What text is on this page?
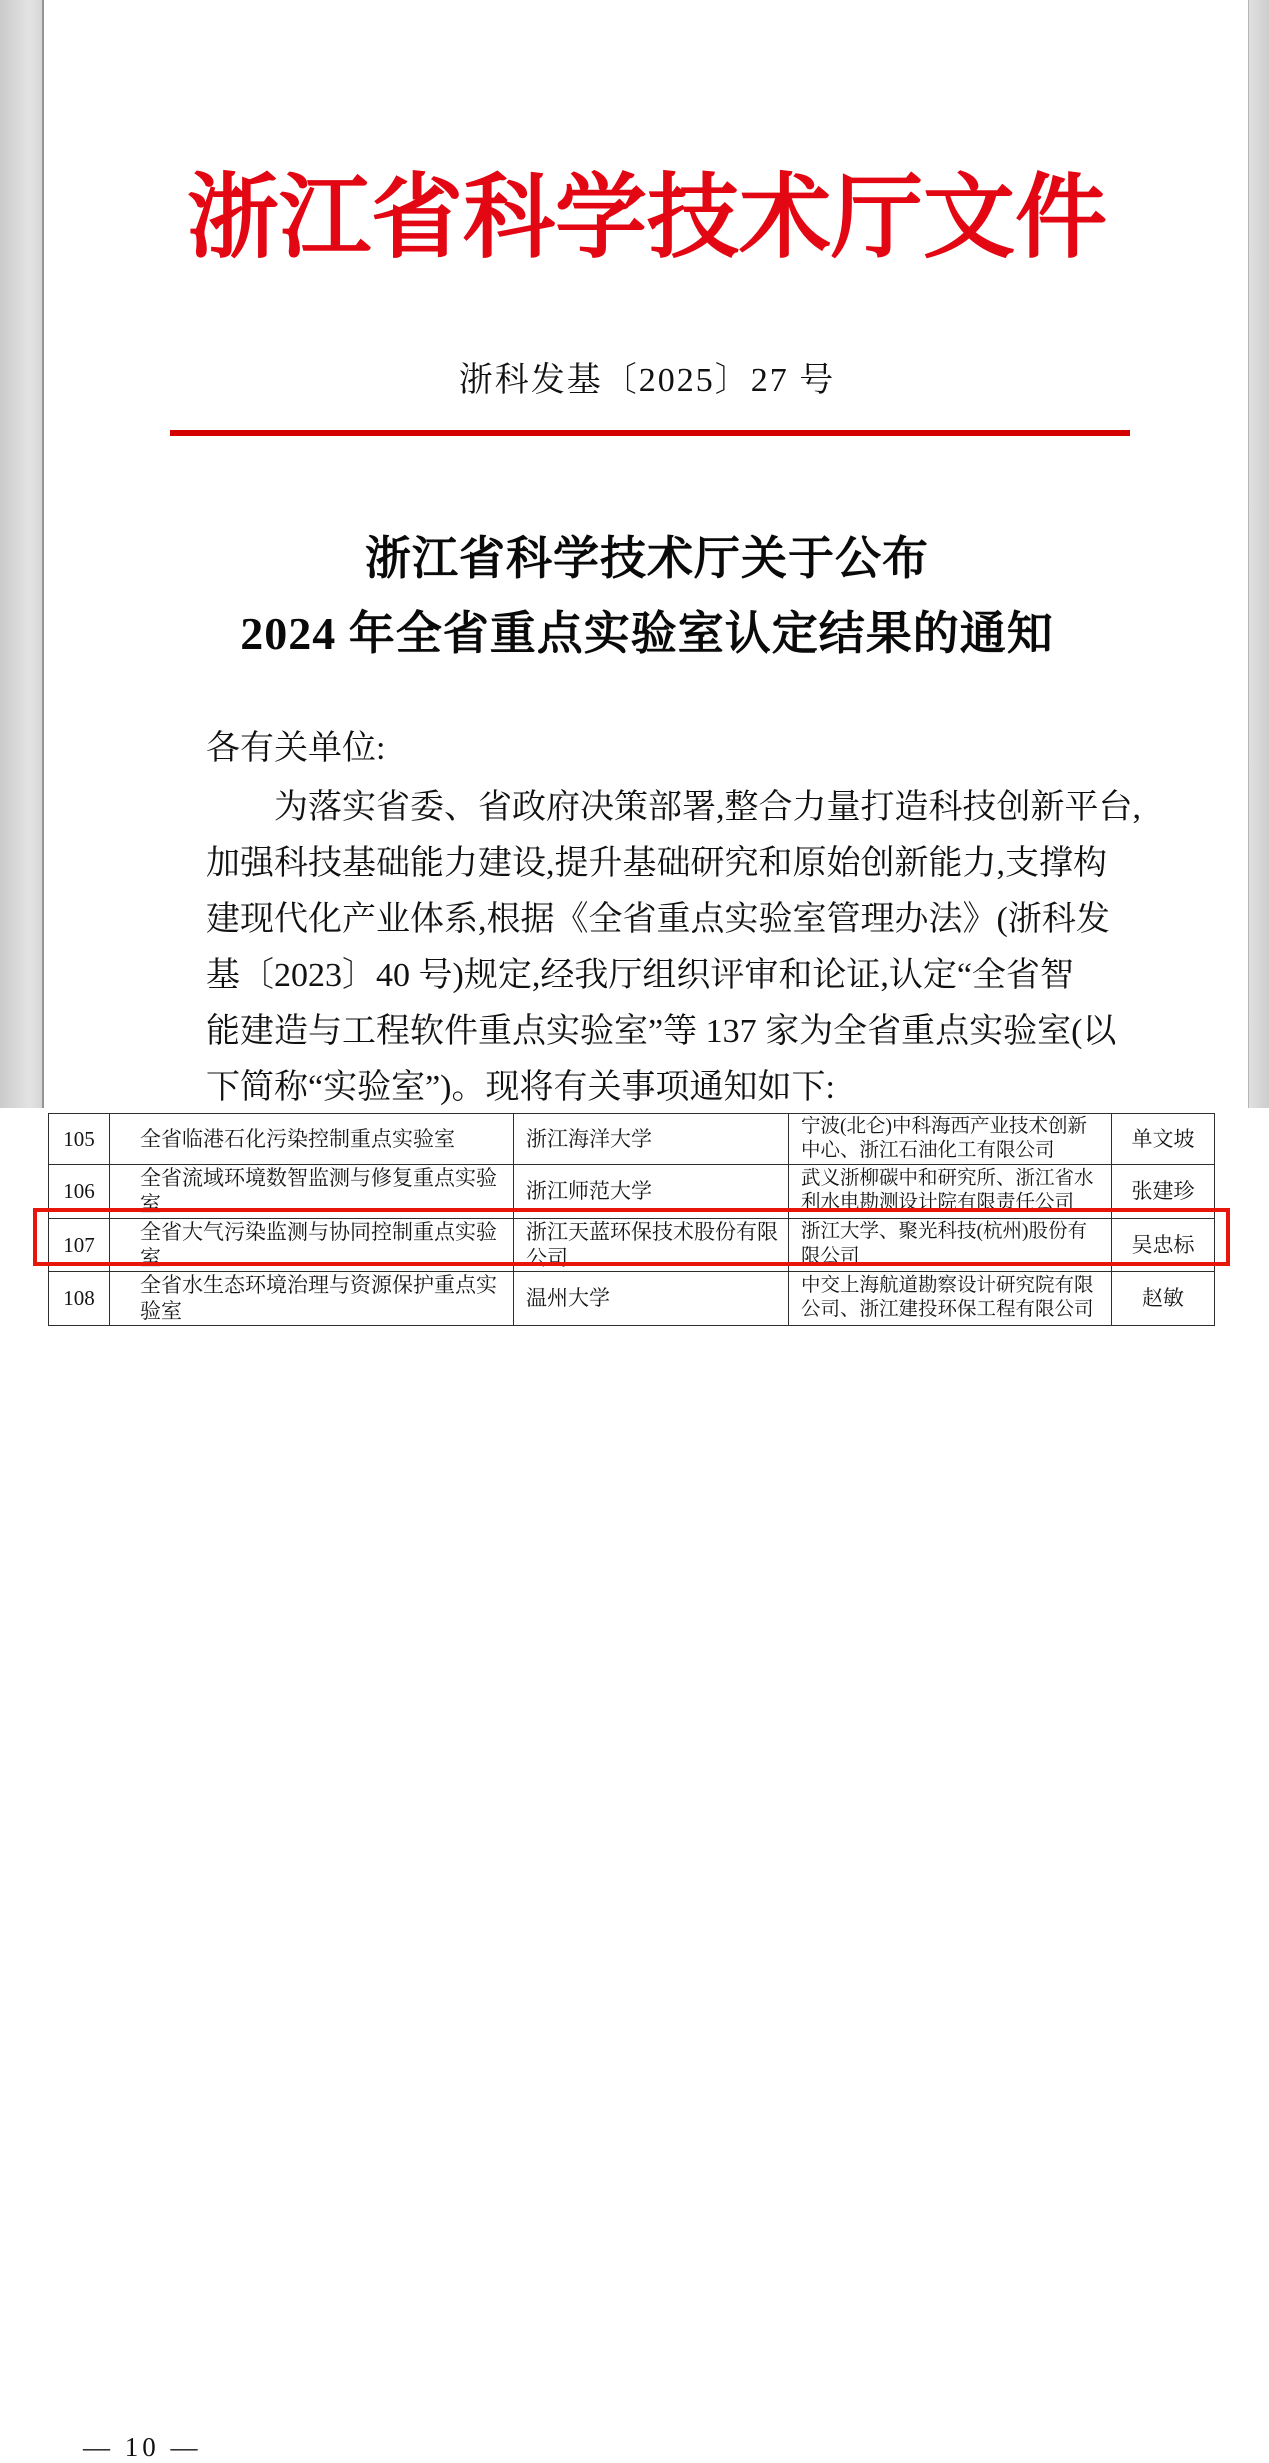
浙江省科学技术厅文件
浙科发基〔2025〕27 号
浙江省科学技术厅关于公布
2024 年全省重点实验室认定结果的通知
各有关单位:
为落实省委、省政府决策部署,整合力量打造科技创新平台,
加强科技基础能力建设,提升基础研究和原始创新能力,支撑构
建现代化产业体系,根据《全省重点实验室管理办法》(浙科发
基〔2023〕40 号)规定,经我厅组织评审和论证,认定“全省智
能建造与工程软件重点实验室”等 137 家为全省重点实验室(以
下简称“实验室”)。现将有关事项通知如下:
105	全省临港石化污染控制重点实验室	浙江海洋大学	宁波(北仑)中科海西产业技术创新中心、浙江石油化工有限公司	单文坡
106	全省流域环境数智监测与修复重点实验室	浙江师范大学	武义浙柳碳中和研究所、浙江省水利水电勘测设计院有限责任公司	张建珍
107	全省大气污染监测与协同控制重点实验室	浙江天蓝环保技术股份有限公司	浙江大学、聚光科技(杭州)股份有限公司	吴忠标
108	全省水生态环境治理与资源保护重点实验室	温州大学	中交上海航道勘察设计研究院有限公司、浙江建投环保工程有限公司	赵敏
— 10 —
